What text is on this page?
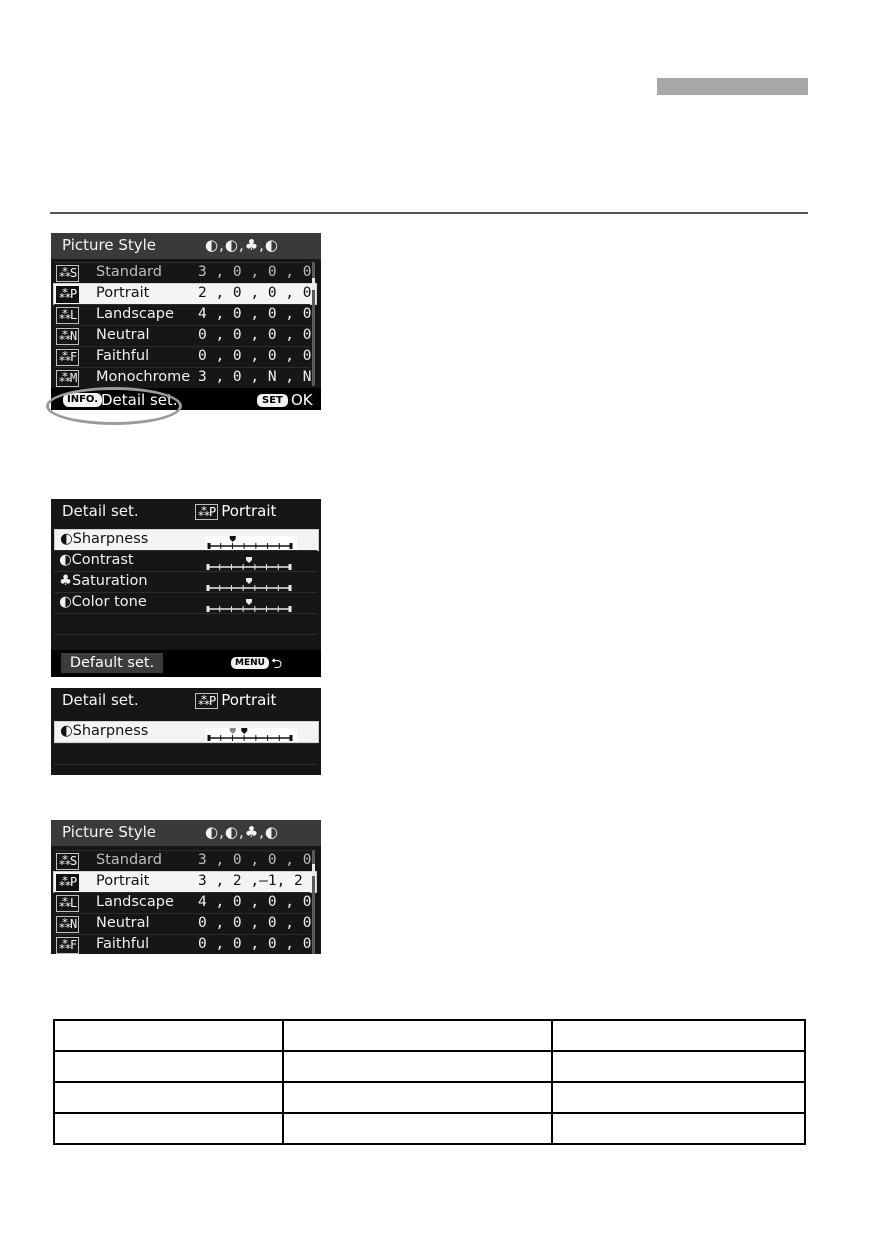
Picture Style	◐,◐,♣,◐
⁂S Standard 3 , 0 , 0 , 0
⁂P Portrait	2 , 0 , 0 , 0
⁂L Landscape 4 , 0 , 0 , 0
⁂N Neutral	0 , 0 , 0 , 0
⁂F Faithful	0 , 0 , 0 , 0
⁂M Monochrome 3 , 0 , N , N
INFO. Detail set.	SET OK
Detail set.	⁂P Portrait
◐Sharpness
◐Contrast
♣Saturation
◐Color tone
Default set.	MENU ⮌
Detail set.	⁂P Portrait
◐Sharpness
Picture Style	◐,◐,♣,◐
⁂S Standard 3 , 0 , 0 , 0
⁂P Portrait	3 , 2 ,–1, 2
⁂L Landscape 4 , 0 , 0 , 0
⁂N Neutral	0 , 0 , 0 , 0
⁂F Faithful	0 , 0 , 0 , 0
